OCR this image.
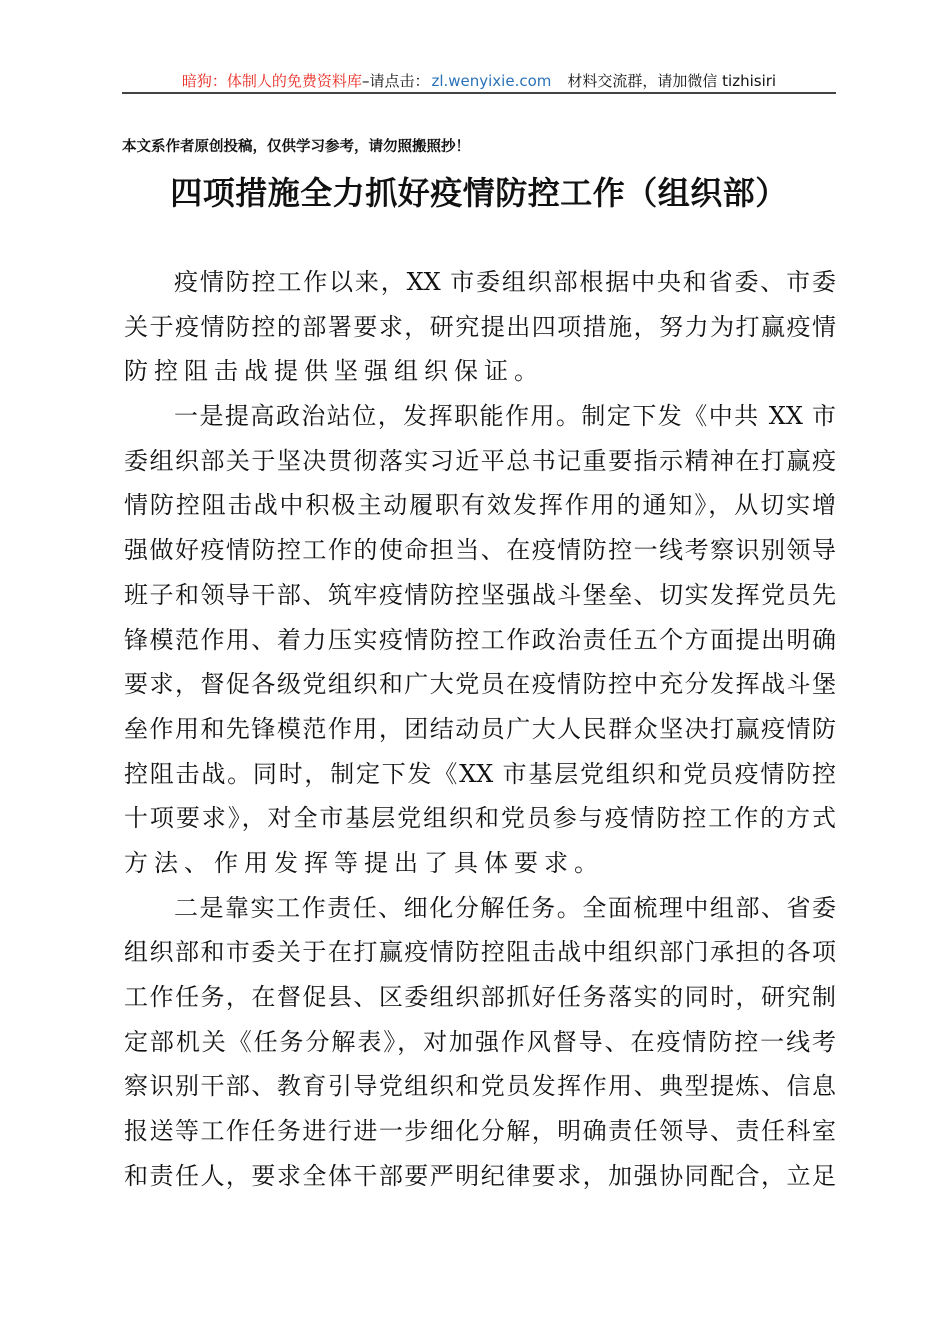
暗狗：体制人的免费资料库–请点击： zl.wenyixie.com 材料交流群，请加微信 tizhisiri
本文系作者原创投稿，仅供学习参考，请勿照搬照抄！
四项措施全力抓好疫情防控工作（组织部）
疫情防控工作以来，XX 市委组织部根据中央和省委、市委
关于疫情防控的部署要求，研究提出四项措施，努力为打赢疫情
防控阻击战提供坚强组织保证。
一是提高政治站位，发挥职能作用。制定下发《中共 XX 市
委组织部关于坚决贯彻落实习近平总书记重要指示精神在打赢疫
情防控阻击战中积极主动履职有效发挥作用的通知》，从切实增
强做好疫情防控工作的使命担当、在疫情防控一线考察识别领导
班子和领导干部、筑牢疫情防控坚强战斗堡垒、切实发挥党员先
锋模范作用、着力压实疫情防控工作政治责任五个方面提出明确
要求，督促各级党组织和广大党员在疫情防控中充分发挥战斗堡
垒作用和先锋模范作用，团结动员广大人民群众坚决打赢疫情防
控阻击战。同时，制定下发《XX 市基层党组织和党员疫情防控
十项要求》，对全市基层党组织和党员参与疫情防控工作的方式
方法、作用发挥等提出了具体要求。
二是靠实工作责任、细化分解任务。全面梳理中组部、省委
组织部和市委关于在打赢疫情防控阻击战中组织部门承担的各项
工作任务，在督促县、区委组织部抓好任务落实的同时，研究制
定部机关《任务分解表》，对加强作风督导、在疫情防控一线考
察识别干部、教育引导党组织和党员发挥作用、典型提炼、信息
报送等工作任务进行进一步细化分解，明确责任领导、责任科室
和责任人，要求全体干部要严明纪律要求，加强协同配合，立足
